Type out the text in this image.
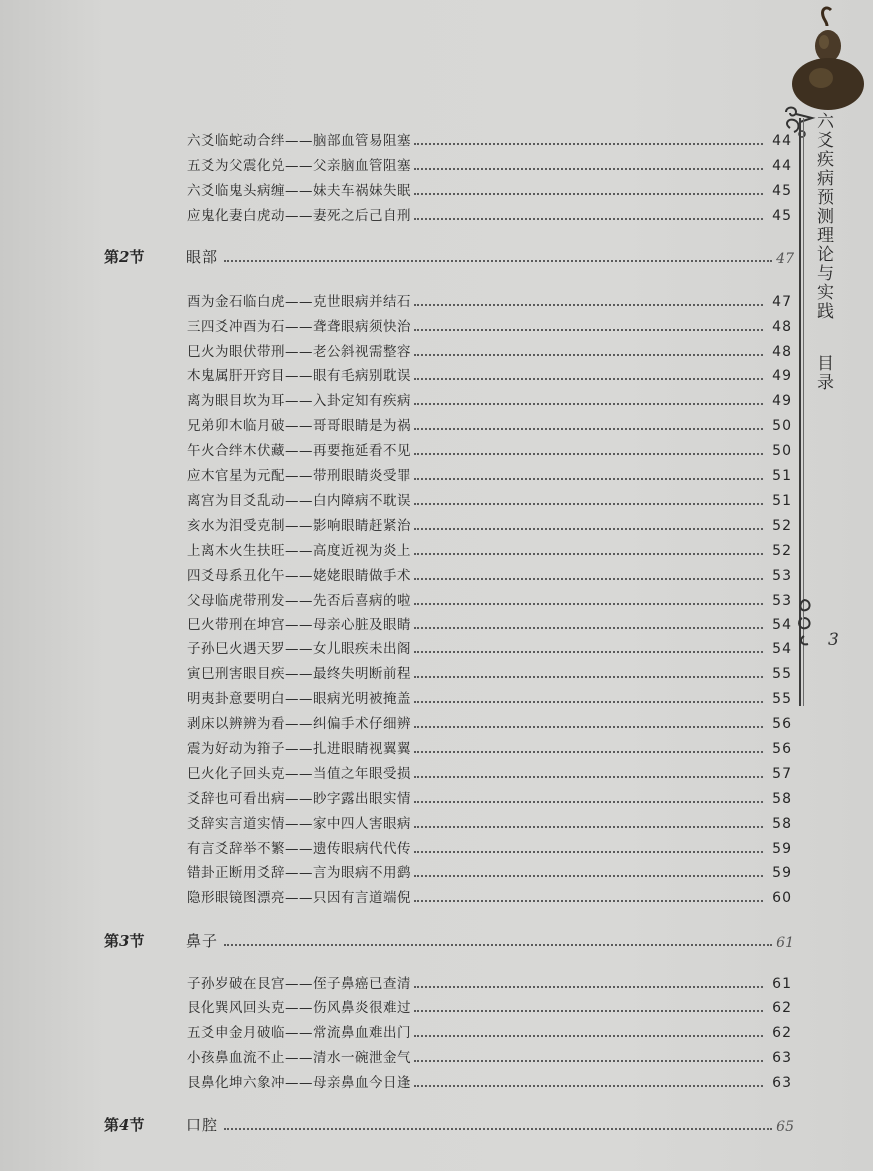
六爻疾病预测理论与实践  目录
3
六爻临蛇动合绊——脑部血管易阻塞	44
五爻为父震化兑——父亲脑血管阻塞	44
六爻临鬼头病缠——妹夫车祸妹失眠	45
应鬼化妻白虎动——妻死之后己自刑	45
第2节	眼部	47
酉为金石临白虎——克世眼病并结石	47
三四爻冲酉为石——聋聋眼病须快治	48
巳火为眼伏带刑——老公斜视需整容	48
木鬼属肝开窍目——眼有毛病别耽误	49
离为眼目坎为耳——入卦定知有疾病	49
兄弟卯木临月破——哥哥眼睛是为祸	50
午火合绊木伏藏——再要拖延看不见	50
应木官星为元配——带刑眼睛炎受罪	51
离宫为目爻乱动——白内障病不耽误	51
亥水为泪受克制——影响眼睛赶紧治	52
上离木火生扶旺——高度近视为炎上	52
四爻母系丑化午——姥姥眼睛做手术	53
父母临虎带刑发——先否后喜病的啦	53
巳火带刑在坤宫——母亲心脏及眼睛	54
子孙巳火遇天罗——女儿眼疾未出阁	54
寅巳刑害眼目疾——最终失明断前程	55
明夷卦意要明白——眼病光明被掩盖	55
剥床以辨辨为看——纠偏手术仔细辨	56
震为好动为箝子——扎进眼睛视翼翼	56
巳火化子回头克——当值之年眼受损	57
爻辞也可看出病——眇字露出眼实情	58
爻辞实言道实情——家中四人害眼病	58
有言爻辞举不繁——遗传眼病代代传	59
错卦正断用爻辞——言为眼病不用鹞	59
隐形眼镜图漂亮——只因有言道端倪	60
第3节	鼻子	61
子孙岁破在艮宫——侄子鼻癌已查清	61
艮化巽风回头克——伤风鼻炎很难过	62
五爻申金月破临——常流鼻血难出门	62
小孩鼻血流不止——清水一碗泄金气	63
艮鼻化坤六象冲——母亲鼻血今日逢	63
第4节	口腔	65
